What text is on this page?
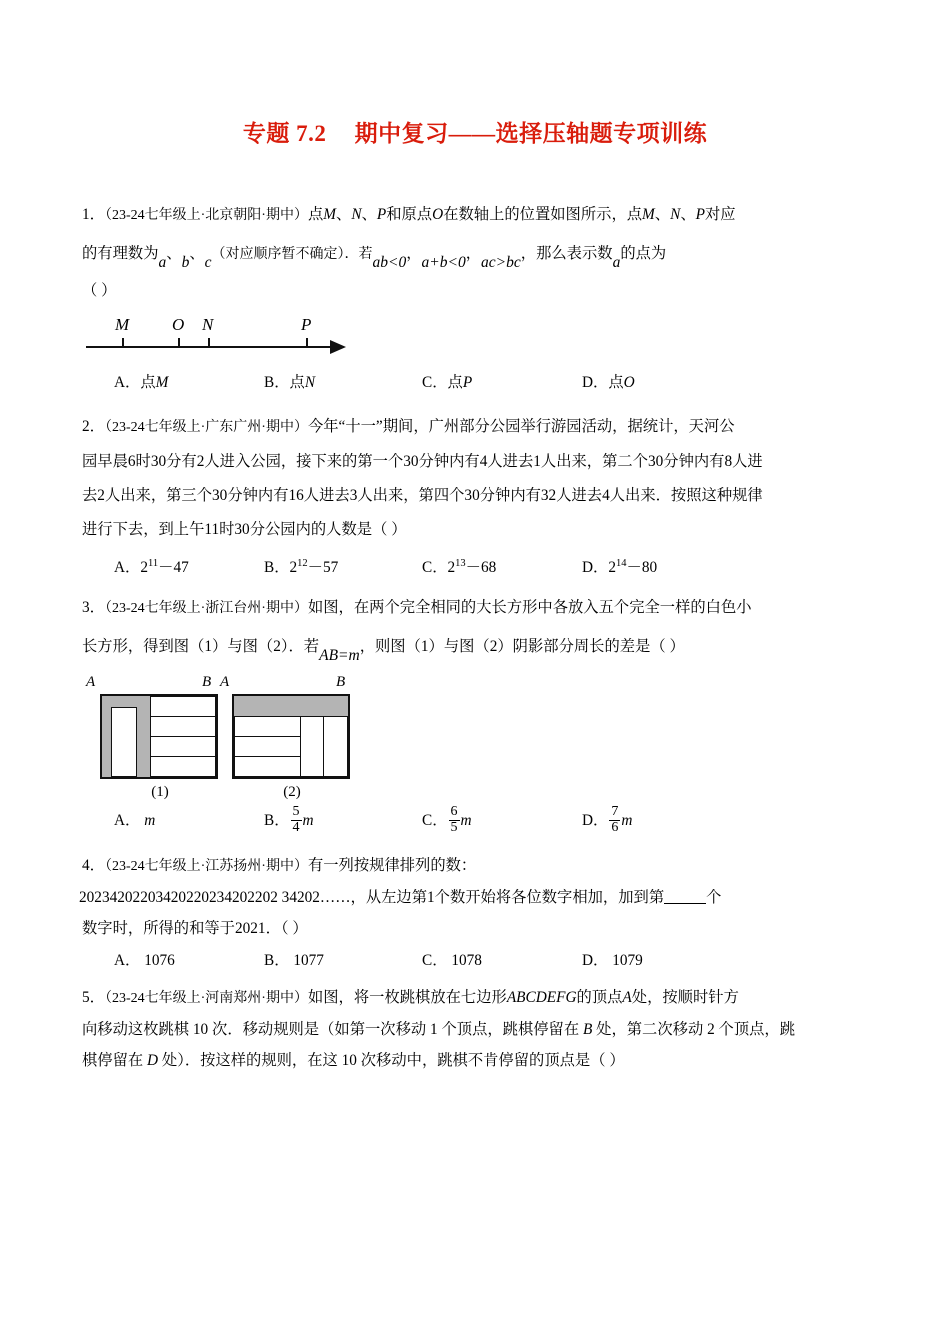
专题 7.2 期中复习——选择压轴题专项训练
1．（23-24七年级上·北京朝阳·期中）点M、N、P和原点O在数轴上的位置如图所示，点M、N、P对应
的有理数为a、b、c（对应顺序暂不确定）．若ab<0，a+b<0，ac>bc，那么表示数a的点为
（ ）
M	O N	P
A．点M	B．点N	C．点P	D．点O
2．（23-24七年级上·广东广州·期中）今年“十一”期间，广州部分公园举行游园活动，据统计，天河公
园早晨6时30分有2人进入公园，接下来的第一个30分钟内有4人进去1人出来，第二个30分钟内有8人进
去2人出来，第三个30分钟内有16人进去3人出来，第四个30分钟内有32人进去4人出来．按照这种规律
进行下去，到上午11时30分公园内的人数是（ ）
A．$2^{11}-47$	B．$2^{12}-57$	C．$2^{13}-68$	D．$2^{14}-80$
3．（23-24七年级上·浙江台州·期中）如图，在两个完全相同的大长方形中各放入五个完全一样的白色小
长方形，得到图（1）与图（2）．若AB=m，则图（1）与图（2）阴影部分周长的差是（ ）
A	B
(1)
A	B
(2)
A． m	B． $\frac{5}{4}$ m	C． $\frac{6}{5}$ m	D． $\frac{7}{6}$ m
4．（23-24七年级上·江苏扬州·期中）有一列按规律排列的数：
20234202203420220234202202 34202……，从左边第1个数开始将各位数字相加，加到第	个
数字时，所得的和等于2021．（ ）
A． 1076	B． 1077	C． 1078	D． 1079
5．（23-24七年级上·河南郑州·期中）如图，将一枚跳棋放在七边形ABCDEFG的顶点A处，按顺时针方
向移动这枚跳棋 10 次．移动规则是（如第一次移动 1 个顶点，跳棋停留在 B 处，第二次移动 2 个顶点，跳
棋停留在 D 处）．按这样的规则，在这 10 次移动中，跳棋不肯停留的顶点是（ ）
